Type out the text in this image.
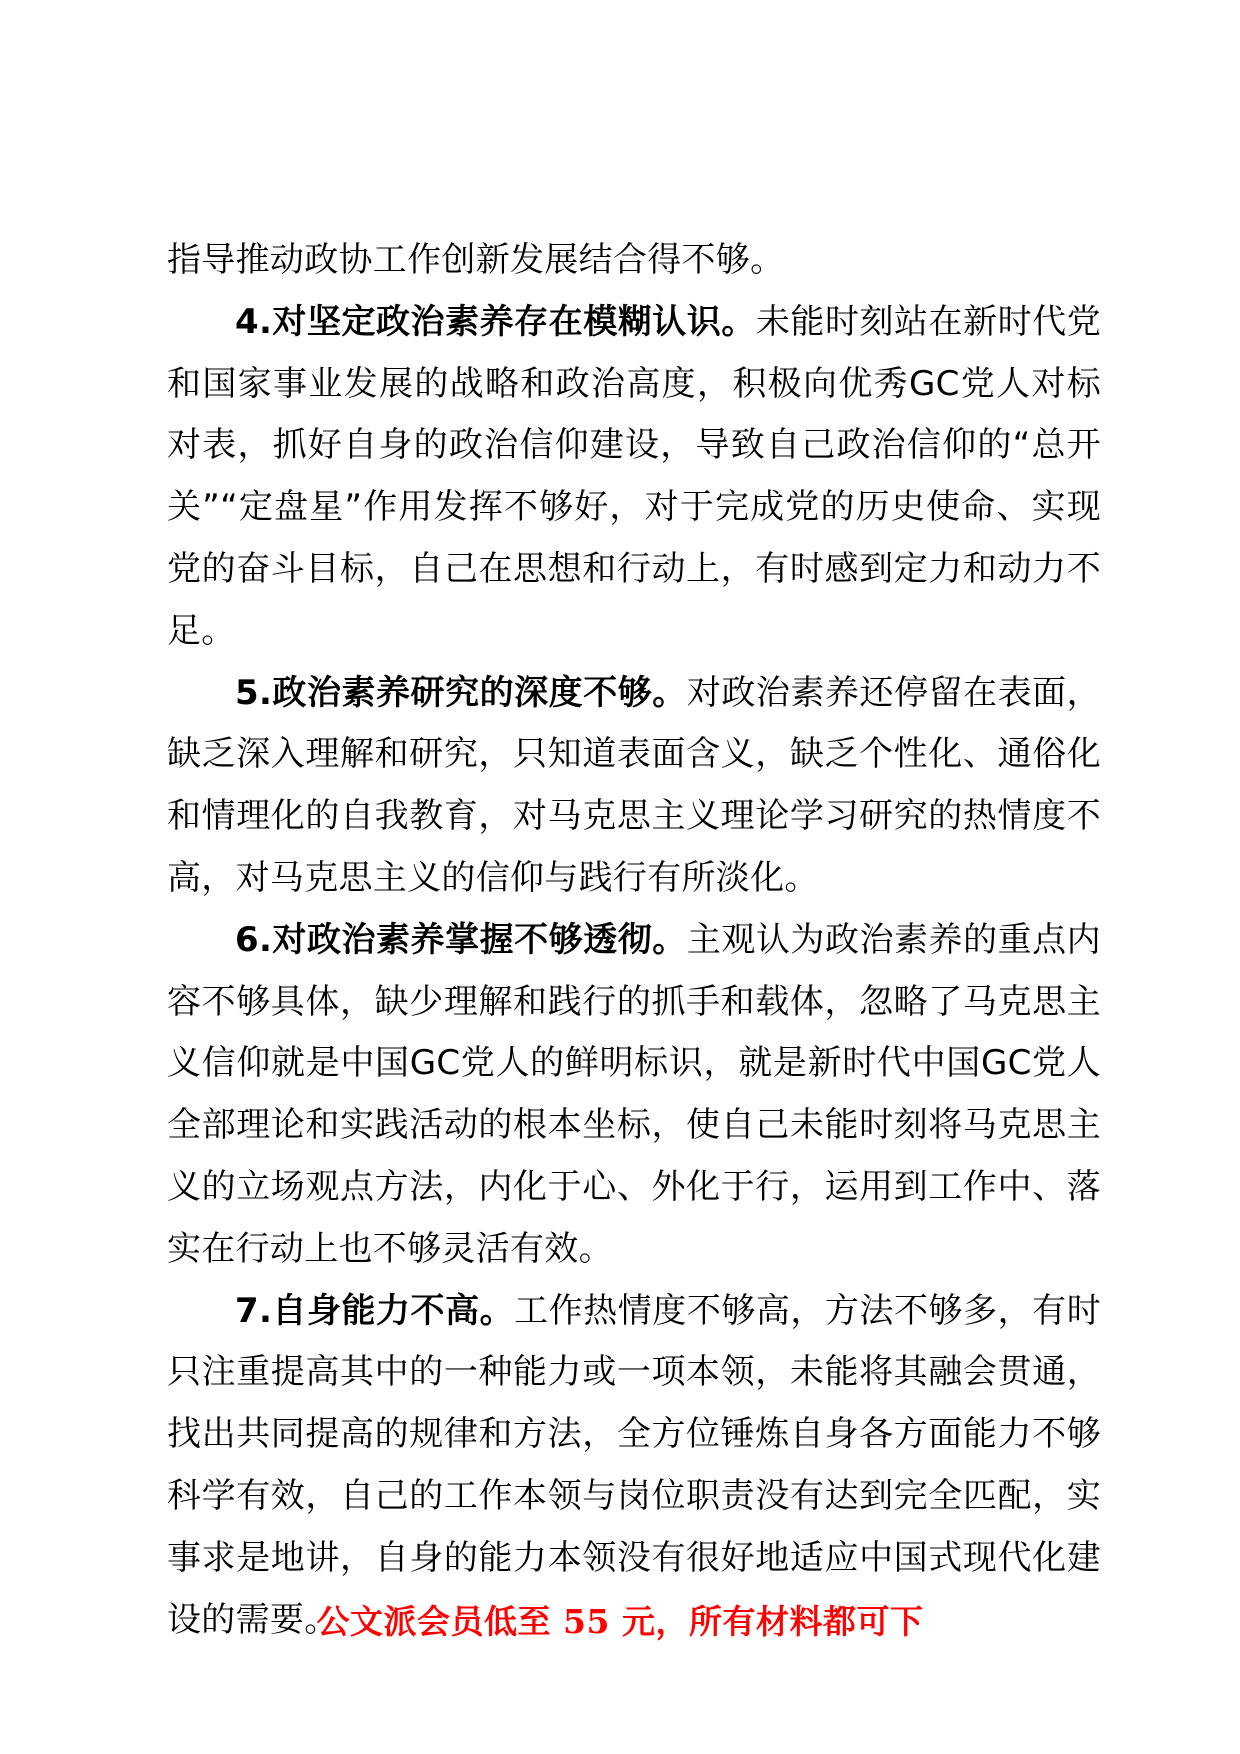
指导推动政协工作创新发展结合得不够。

4.对坚定政治素养存在模糊认识。未能时刻站在新时代党和国家事业发展的战略和政治高度，积极向优秀GC党人对标对表，抓好自身的政治信仰建设，导致自己政治信仰的“总开关”“定盘星”作用发挥不够好，对于完成党的历史使命、实现党的奋斗目标，自己在思想和行动上，有时感到定力和动力不足。

5.政治素养研究的深度不够。对政治素养还停留在表面，缺乏深入理解和研究，只知道表面含义，缺乏个性化、通俗化和情理化的自我教育，对马克思主义理论学习研究的热情度不高，对马克思主义的信仰与践行有所淡化。

6.对政治素养掌握不够透彻。主观认为政治素养的重点内容不够具体，缺少理解和践行的抓手和载体，忽略了马克思主义信仰就是中国GC党人的鲜明标识，就是新时代中国GC党人全部理论和实践活动的根本坐标，使自己未能时刻将马克思主义的立场观点方法，内化于心、外化于行，运用到工作中、落实在行动上也不够灵活有效。

7.自身能力不高。工作热情度不够高，方法不够多，有时只注重提高其中的一种能力或一项本领，未能将其融会贯通，找出共同提高的规律和方法，全方位锤炼自身各方面能力不够科学有效，自己的工作本领与岗位职责没有达到完全匹配，实事求是地讲，自身的能力本领没有很好地适应中国式现代化建设的需要。

公文派会员低至 55 元，所有材料都可下
